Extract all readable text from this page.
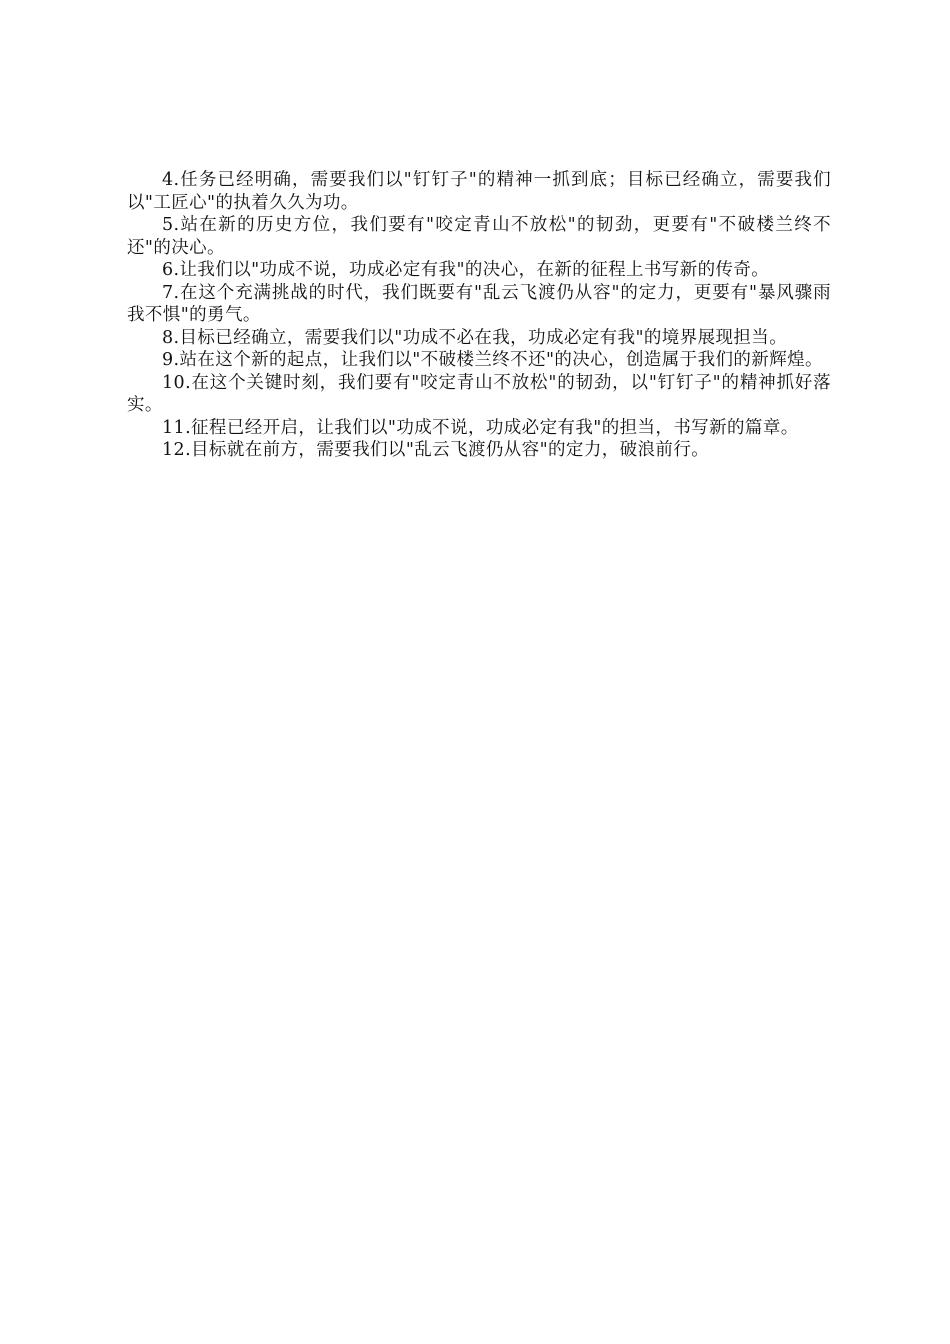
4.任务已经明确，需要我们以"钉钉子"的精神一抓到底；目标已经确立，需要我们以"工匠心"的执着久久为功。

5.站在新的历史方位，我们要有"咬定青山不放松"的韧劲，更要有"不破楼兰终不还"的决心。

6.让我们以"功成不说，功成必定有我"的决心，在新的征程上书写新的传奇。

7.在这个充满挑战的时代，我们既要有"乱云飞渡仍从容"的定力，更要有"暴风骤雨我不惧"的勇气。

8.目标已经确立，需要我们以"功成不必在我，功成必定有我"的境界展现担当。

9.站在这个新的起点，让我们以"不破楼兰终不还"的决心，创造属于我们的新辉煌。

10.在这个关键时刻，我们要有"咬定青山不放松"的韧劲，以"钉钉子"的精神抓好落实。

11.征程已经开启，让我们以"功成不说，功成必定有我"的担当，书写新的篇章。

12.目标就在前方，需要我们以"乱云飞渡仍从容"的定力，破浪前行。
